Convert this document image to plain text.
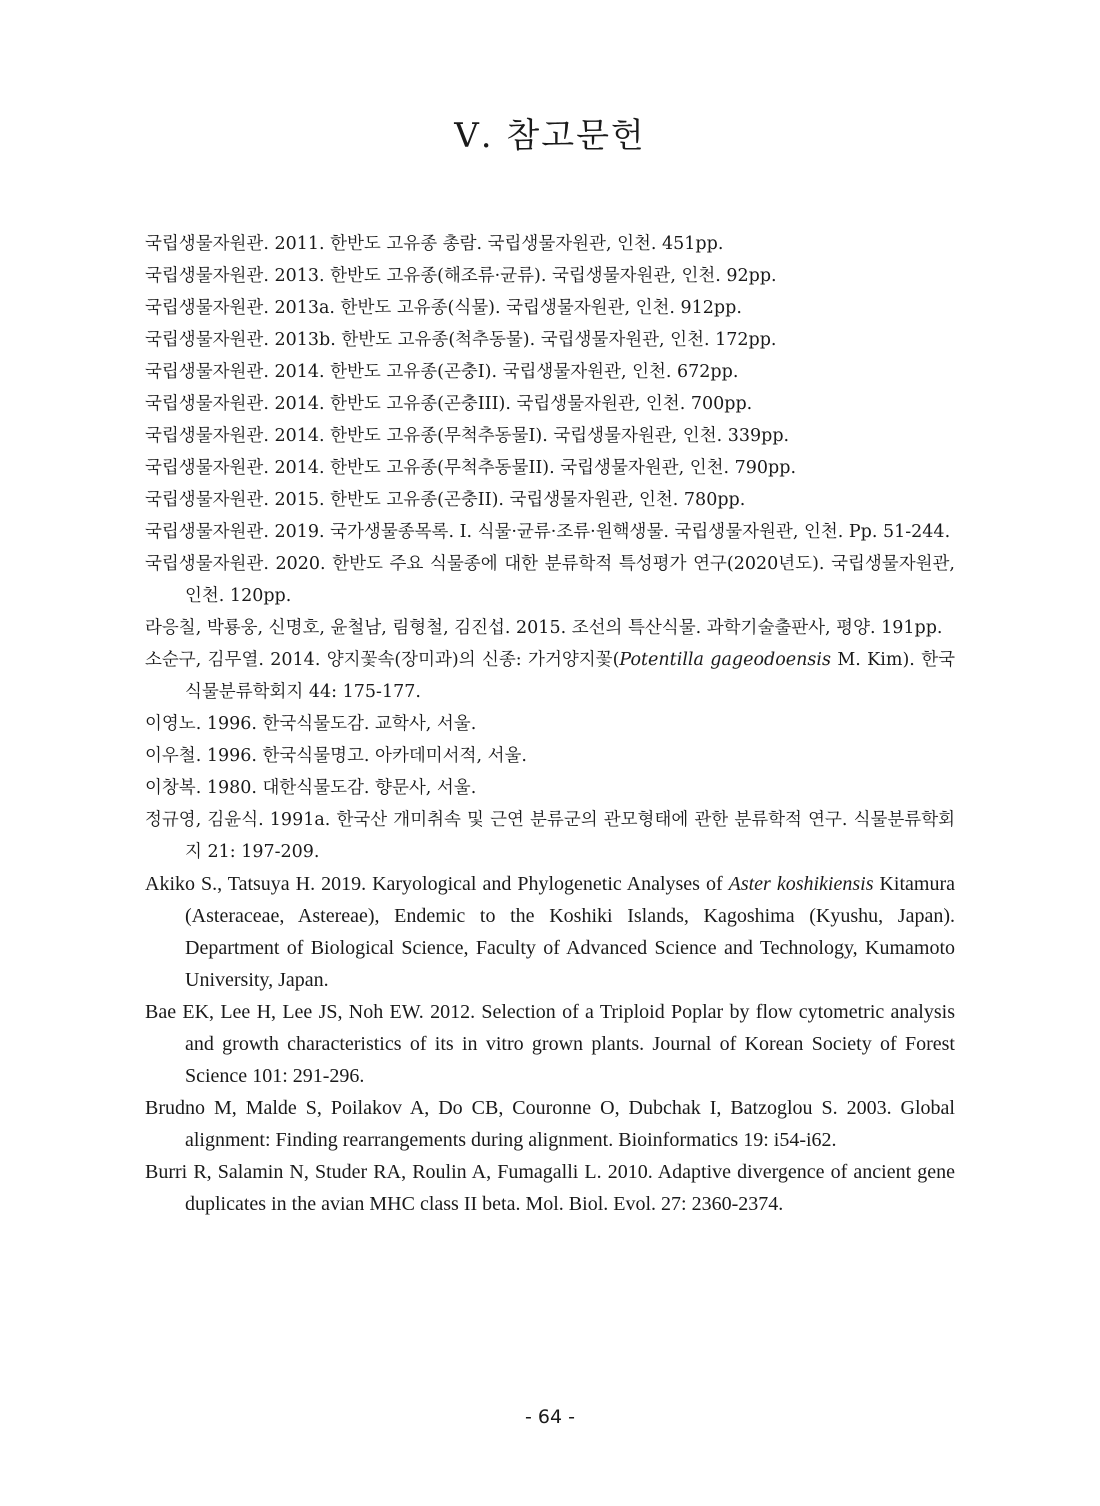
Ⅴ. 참고문헌
국립생물자원관. 2011. 한반도 고유종 총람. 국립생물자원관, 인천. 451pp.
국립생물자원관. 2013. 한반도 고유종(해조류·균류). 국립생물자원관, 인천. 92pp.
국립생물자원관. 2013a. 한반도 고유종(식물). 국립생물자원관, 인천. 912pp.
국립생물자원관. 2013b. 한반도 고유종(척추동물). 국립생물자원관, 인천. 172pp.
국립생물자원관. 2014. 한반도 고유종(곤충I). 국립생물자원관, 인천. 672pp.
국립생물자원관. 2014. 한반도 고유종(곤충III). 국립생물자원관, 인천. 700pp.
국립생물자원관. 2014. 한반도 고유종(무척추동물I). 국립생물자원관, 인천. 339pp.
국립생물자원관. 2014. 한반도 고유종(무척추동물II). 국립생물자원관, 인천. 790pp.
국립생물자원관. 2015. 한반도 고유종(곤충II). 국립생물자원관, 인천. 780pp.
국립생물자원관. 2019. 국가생물종목록. I. 식물·균류·조류·원핵생물. 국립생물자원관, 인천. Pp. 51-244.
국립생물자원관. 2020. 한반도 주요 식물종에 대한 분류학적 특성평가 연구(2020년도). 국립생물자원관, 인천. 120pp.
라응칠, 박룡웅, 신명호, 윤철남, 림형철, 김진섭. 2015. 조선의 특산식물. 과학기술출판사, 평양. 191pp.
소순구, 김무열. 2014. 양지꽃속(장미과)의 신종: 가거양지꽃(Potentilla gageodoensis M. Kim). 한국식물분류학회지 44: 175-177.
이영노. 1996. 한국식물도감. 교학사, 서울.
이우철. 1996. 한국식물명고. 아카데미서적, 서울.
이창복. 1980. 대한식물도감. 향문사, 서울.
정규영, 김윤식. 1991a. 한국산 개미취속 및 근연 분류군의 관모형태에 관한 분류학적 연구. 식물분류학회지 21: 197-209.
Akiko S., Tatsuya H. 2019. Karyological and Phylogenetic Analyses of Aster koshikiensis Kitamura (Asteraceae, Astereae), Endemic to the Koshiki Islands, Kagoshima (Kyushu, Japan). Department of Biological Science, Faculty of Advanced Science and Technology, Kumamoto University, Japan.
Bae EK, Lee H, Lee JS, Noh EW. 2012. Selection of a Triploid Poplar by flow cytometric analysis and growth characteristics of its in vitro grown plants. Journal of Korean Society of Forest Science 101: 291-296.
Brudno M, Malde S, Poilakov A, Do CB, Couronne O, Dubchak I, Batzoglou S. 2003. Global alignment: Finding rearrangements during alignment. Bioinformatics 19: i54-i62.
Burri R, Salamin N, Studer RA, Roulin A, Fumagalli L. 2010. Adaptive divergence of ancient gene duplicates in the avian MHC class II beta. Mol. Biol. Evol. 27: 2360-2374.
- 64 -
